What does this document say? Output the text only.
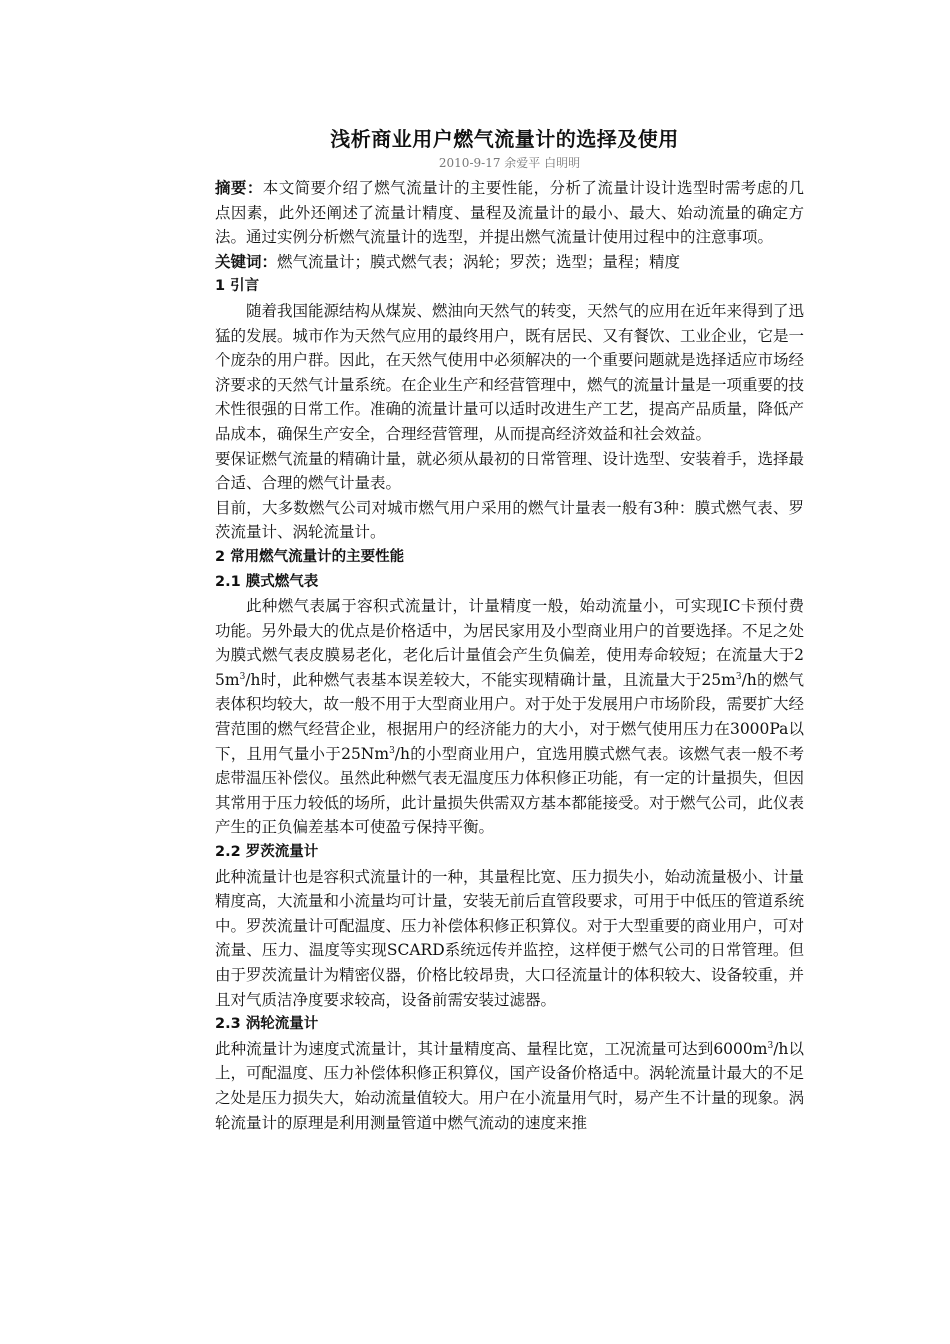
浅析商业用户燃气流量计的选择及使用
2010-9-17 余爱平 白明明

摘要：本文简要介绍了燃气流量计的主要性能，分析了流量计设计选型时需考虑的几点因素，此外还阐述了流量计精度、量程及流量计的最小、最大、始动流量的确定方法。通过实例分析燃气流量计的选型，并提出燃气流量计使用过程中的注意事项。

关键词：燃气流量计；膜式燃气表；涡轮；罗茨；选型；量程；精度

1 引言

随着我国能源结构从煤炭、燃油向天然气的转变，天然气的应用在近年来得到了迅猛的发展。城市作为天然气应用的最终用户，既有居民、又有餐饮、工业企业，它是一个庞杂的用户群。因此，在天然气使用中必须解决的一个重要问题就是选择适应市场经济要求的天然气计量系统。在企业生产和经营管理中，燃气的流量计量是一项重要的技术性很强的日常工作。准确的流量计量可以适时改进生产工艺，提高产品质量，降低产品成本，确保生产安全，合理经营管理，从而提高经济效益和社会效益。

要保证燃气流量的精确计量，就必须从最初的日常管理、设计选型、安装着手，选择最合适、合理的燃气计量表。

目前，大多数燃气公司对城市燃气用户采用的燃气计量表一般有3种：膜式燃气表、罗茨流量计、涡轮流量计。

2 常用燃气流量计的主要性能
2.1 膜式燃气表

此种燃气表属于容积式流量计，计量精度一般，始动流量小，可实现IC卡预付费功能。另外最大的优点是价格适中，为居民家用及小型商业用户的首要选择。不足之处为膜式燃气表皮膜易老化，老化后计量值会产生负偏差，使用寿命较短；在流量大于$25m^3/h$时，此种燃气表基本误差较大，不能实现精确计量，且流量大于$25m^3/h$的燃气表体积均较大，故一般不用于大型商业用户。对于处于发展用户市场阶段，需要扩大经营范围的燃气经营企业，根据用户的经济能力的大小，对于燃气使用压力在3000Pa以下，且用气量小于25Nm$^3$/h的小型商业用户，宜选用膜式燃气表。该燃气表一般不考虑带温压补偿仪。虽然此种燃气表无温度压力体积修正功能，有一定的计量损失，但因其常用于压力较低的场所，此计量损失供需双方基本都能接受。对于燃气公司，此仪表产生的正负偏差基本可使盈亏保持平衡。

2.2 罗茨流量计

此种流量计也是容积式流量计的一种，其量程比宽、压力损失小，始动流量极小、计量精度高，大流量和小流量均可计量，安装无前后直管段要求，可用于中低压的管道系统中。罗茨流量计可配温度、压力补偿体积修正积算仪。对于大型重要的商业用户，可对流量、压力、温度等实现SCARD系统远传并监控，这样便于燃气公司的日常管理。但由于罗茨流量计为精密仪器，价格比较昂贵，大口径流量计的体积较大、设备较重，并且对气质洁净度要求较高，设备前需安装过滤器。

2.3 涡轮流量计

此种流量计为速度式流量计，其计量精度高、量程比宽，工况流量可达到$6000m^3/h$以上，可配温度、压力补偿体积修正积算仪，国产设备价格适中。涡轮流量计最大的不足之处是压力损失大，始动流量值较大。用户在小流量用气时，易产生不计量的现象。涡轮流量计的原理是利用测量管道中燃气流动的速度来推
